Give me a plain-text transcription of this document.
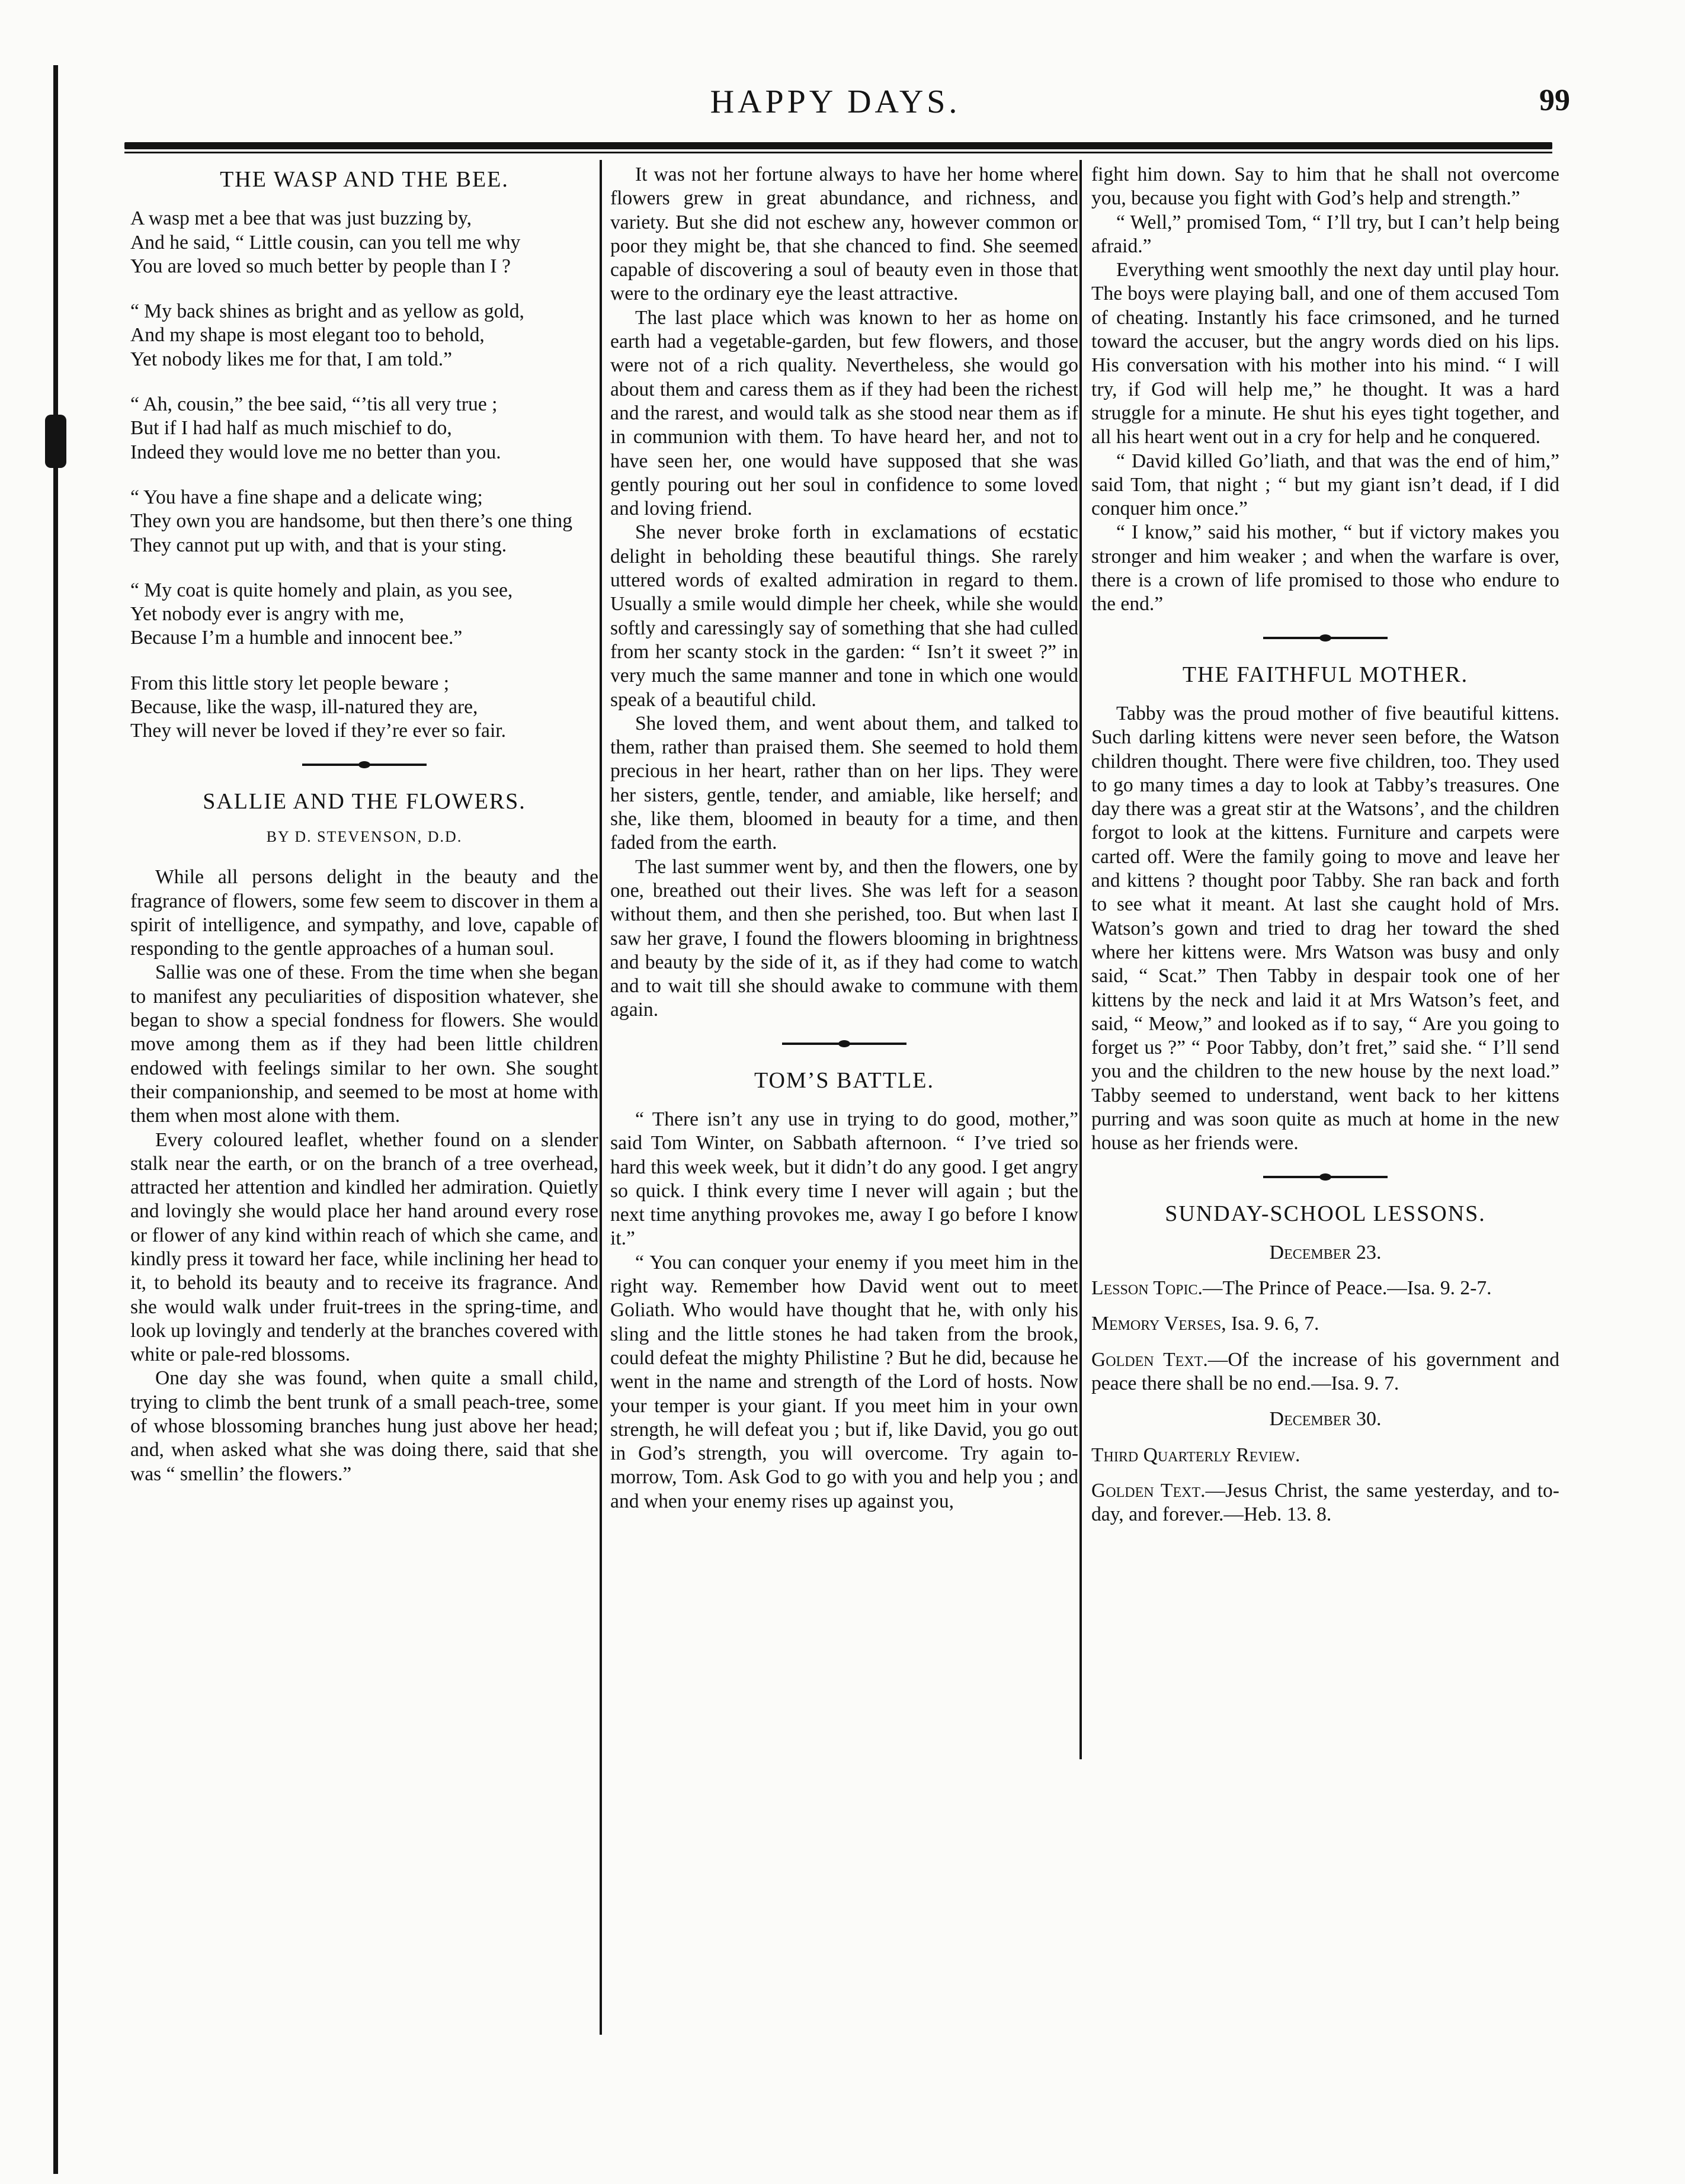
HAPPY DAYS.	99
THE WASP AND THE BEE.

A wasp met a bee that was just buzzing by,

And he said, “ Little cousin, can you tell me why

You are loved so much better by people than I ?

“ My back shines as bright and as yellow as gold,

And my shape is most elegant too to behold,

Yet nobody likes me for that, I am told.”

“ Ah, cousin,” the bee said, “’tis all very true ;

But if I had half as much mischief to do,

Indeed they would love me no better than you.

“ You have a fine shape and a delicate wing;

They own you are handsome, but then there’s one thing

They cannot put up with, and that is your sting.

“ My coat is quite homely and plain, as you see,

Yet nobody ever is angry with me,

Because I’m a humble and innocent bee.”

From this little story let people beware ;

Because, like the wasp, ill-natured they are,

They will never be loved if they’re ever so fair.

SALLIE AND THE FLOWERS.
BY D. STEVENSON, D.D.

While all persons delight in the beauty and the fragrance of flowers, some few seem to discover in them a spirit of intelligence, and sympathy, and love, capable of responding to the gentle approaches of a human soul.

Sallie was one of these. From the time when she began to manifest any peculiarities of disposition whatever, she began to show a special fondness for flowers. She would move among them as if they had been little children endowed with feelings similar to her own. She sought their companionship, and seemed to be most at home with them when most alone with them.

Every coloured leaflet, whether found on a slender stalk near the earth, or on the branch of a tree overhead, attracted her attention and kindled her admiration. Quietly and lovingly she would place her hand around every rose or flower of any kind within reach of which she came, and kindly press it toward her face, while inclining her head to it, to behold its beauty and to receive its fragrance. And she would walk under fruit-trees in the spring-time, and look up lovingly and tenderly at the branches covered with white or pale-red blossoms.

One day she was found, when quite a small child, trying to climb the bent trunk of a small peach-tree, some of whose blossoming branches hung just above her head; and, when asked what she was doing there, said that she was “ smellin’ the flowers.”

It was not her fortune always to have her home where flowers grew in great abundance, and richness, and variety. But she did not eschew any, however common or poor they might be, that she chanced to find. She seemed capable of discovering a soul of beauty even in those that were to the ordinary eye the least attractive.

The last place which was known to her as home on earth had a vegetable-garden, but few flowers, and those were not of a rich quality. Nevertheless, she would go about them and caress them as if they had been the richest and the rarest, and would talk as she stood near them as if in communion with them. To have heard her, and not to have seen her, one would have supposed that she was gently pouring out her soul in confidence to some loved and loving friend.

She never broke forth in exclamations of ecstatic delight in beholding these beautiful things. She rarely uttered words of exalted admiration in regard to them. Usually a smile would dimple her cheek, while she would softly and caressingly say of something that she had culled from her scanty stock in the garden: “ Isn’t it sweet ?” in very much the same manner and tone in which one would speak of a beautiful child.

She loved them, and went about them, and talked to them, rather than praised them. She seemed to hold them precious in her heart, rather than on her lips. They were her sisters, gentle, tender, and amiable, like herself; and she, like them, bloomed in beauty for a time, and then faded from the earth.

The last summer went by, and then the flowers, one by one, breathed out their lives. She was left for a season without them, and then she perished, too. But when last I saw her grave, I found the flowers blooming in brightness and beauty by the side of it, as if they had come to watch and to wait till she should awake to commune with them again.

TOM’S BATTLE.

“ There isn’t any use in trying to do good, mother,” said Tom Winter, on Sabbath afternoon. “ I’ve tried so hard this week week, but it didn’t do any good. I get angry so quick. I think every time I never will again ; but the next time anything provokes me, away I go before I know it.”

“ You can conquer your enemy if you meet him in the right way. Remember how David went out to meet Goliath. Who would have thought that he, with only his sling and the little stones he had taken from the brook, could defeat the mighty Philistine ? But he did, because he went in the name and strength of the Lord of hosts. Now your temper is your giant. If you meet him in your own strength, he will defeat you ; but if, like David, you go out in God’s strength, you will overcome. Try again to-morrow, Tom. Ask God to go with you and help you ; and and when your enemy rises up against you,

fight him down. Say to him that he shall not overcome you, because you fight with God’s help and strength.”

“ Well,” promised Tom, “ I’ll try, but I can’t help being afraid.”

Everything went smoothly the next day until play hour. The boys were playing ball, and one of them accused Tom of cheating. Instantly his face crimsoned, and he turned toward the accuser, but the angry words died on his lips. His conversation with his mother into his mind. “ I will try, if God will help me,” he thought. It was a hard struggle for a minute. He shut his eyes tight together, and all his heart went out in a cry for help and he conquered.

“ David killed Go’liath, and that was the end of him,” said Tom, that night ; “ but my giant isn’t dead, if I did conquer him once.”

“ I know,” said his mother, “ but if victory makes you stronger and him weaker ; and when the warfare is over, there is a crown of life promised to those who endure to the end.”

THE FAITHFUL MOTHER.

Tabby was the proud mother of five beautiful kittens. Such darling kittens were never seen before, the Watson children thought. There were five children, too. They used to go many times a day to look at Tabby’s treasures. One day there was a great stir at the Watsons’, and the children forgot to look at the kittens. Furniture and carpets were carted off. Were the family going to move and leave her and kittens ? thought poor Tabby. She ran back and forth to see what it meant. At last she caught hold of Mrs. Watson’s gown and tried to drag her toward the shed where her kittens were. Mrs Watson was busy and only said, “ Scat.” Then Tabby in despair took one of her kittens by the neck and laid it at Mrs Watson’s feet, and said, “ Meow,” and looked as if to say, “ Are you going to forget us ?” “ Poor Tabby, don’t fret,” said she. “ I’ll send you and the children to the new house by the next load.” Tabby seemed to understand, went back to her kittens purring and was soon quite as much at home in the new house as her friends were.

SUNDAY-SCHOOL LESSONS.
December 23.

Lesson Topic.—The Prince of Peace.—Isa. 9. 2-7.

Memory Verses, Isa. 9. 6, 7.

Golden Text.—Of the increase of his government and peace there shall be no end.—Isa. 9. 7.

December 30.

Third Quarterly Review.

Golden Text.—Jesus Christ, the same yesterday, and to-day, and forever.—Heb. 13. 8.
